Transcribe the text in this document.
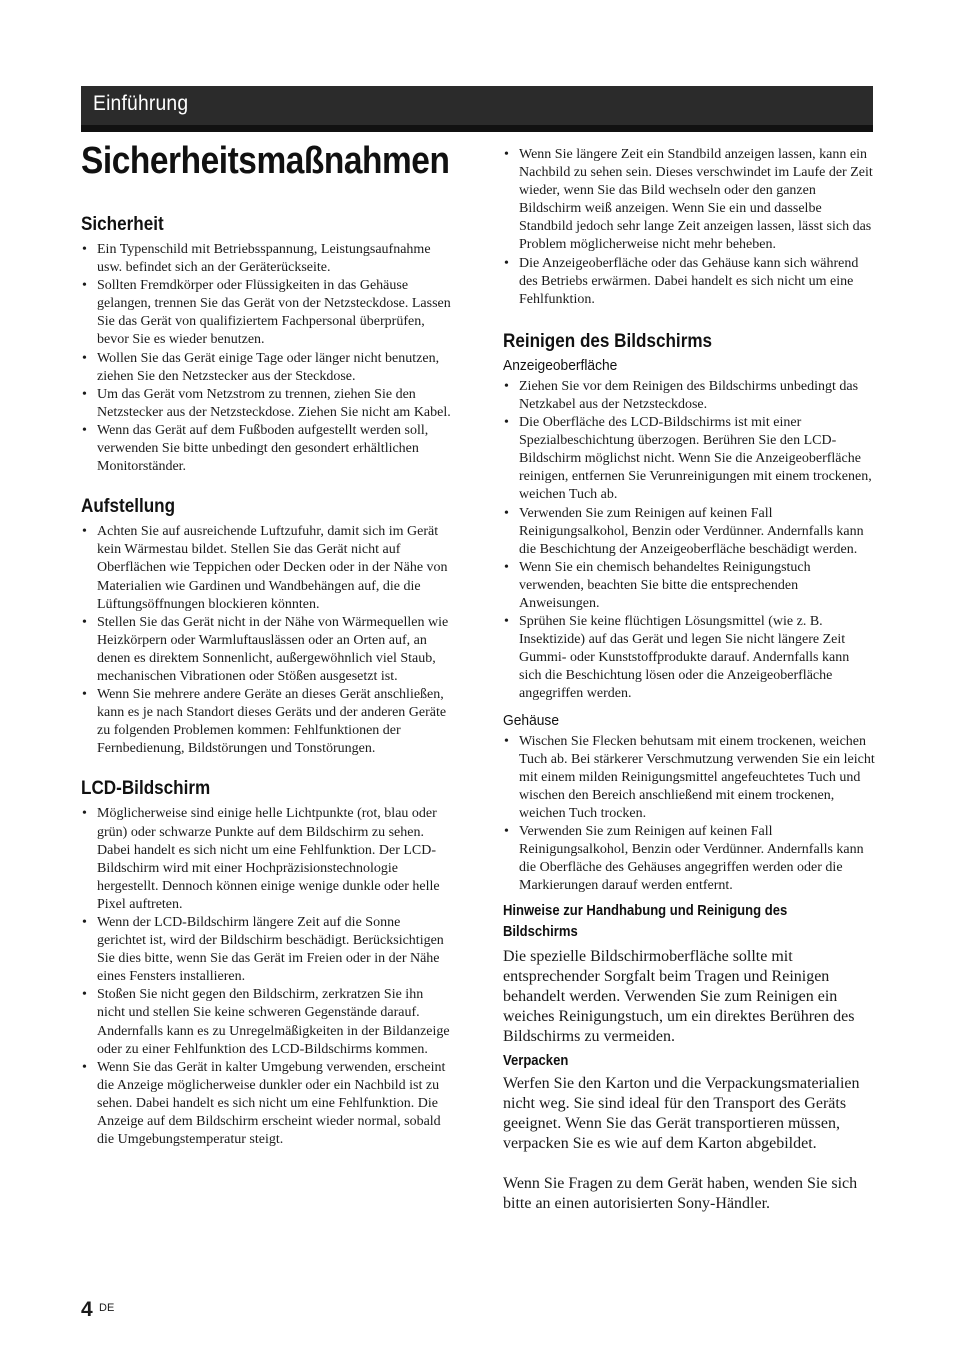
Einführung
Sicherheitsmaßnahmen
Sicherheit
• Ein Typenschild mit Betriebsspannung, Leistungsaufnahme usw. befindet sich an der Geräterückseite.
• Sollten Fremdkörper oder Flüssigkeiten in das Gehäuse gelangen, trennen Sie das Gerät von der Netzsteckdose. Lassen Sie das Gerät von qualifiziertem Fachpersonal überprüfen, bevor Sie es wieder benutzen.
• Wollen Sie das Gerät einige Tage oder länger nicht benutzen, ziehen Sie den Netzstecker aus der Steckdose.
• Um das Gerät vom Netzstrom zu trennen, ziehen Sie den Netzstecker aus der Netzsteckdose. Ziehen Sie nicht am Kabel.
• Wenn das Gerät auf dem Fußboden aufgestellt werden soll, verwenden Sie bitte unbedingt den gesondert erhältlichen Monitorständer.
Aufstellung
• Achten Sie auf ausreichende Luftzufuhr, damit sich im Gerät kein Wärmestau bildet. Stellen Sie das Gerät nicht auf Oberflächen wie Teppichen oder Decken oder in der Nähe von Materialien wie Gardinen und Wandbehängen auf, die die Lüftungsöffnungen blockieren könnten.
• Stellen Sie das Gerät nicht in der Nähe von Wärmequellen wie Heizkörpern oder Warmluftauslässen oder an Orten auf, an denen es direktem Sonnenlicht, außergewöhnlich viel Staub, mechanischen Vibrationen oder Stößen ausgesetzt ist.
• Wenn Sie mehrere andere Geräte an dieses Gerät anschließen, kann es je nach Standort dieses Geräts und der anderen Geräte zu folgenden Problemen kommen: Fehlfunktionen der Fernbedienung, Bildstörungen und Tonstörungen.
LCD-Bildschirm
• Möglicherweise sind einige helle Lichtpunkte (rot, blau oder grün) oder schwarze Punkte auf dem Bildschirm zu sehen. Dabei handelt es sich nicht um eine Fehlfunktion. Der LCD-Bildschirm wird mit einer Hochpräzisionstechnologie hergestellt. Dennoch können einige wenige dunkle oder helle Pixel auftreten.
• Wenn der LCD-Bildschirm längere Zeit auf die Sonne gerichtet ist, wird der Bildschirm beschädigt. Berücksichtigen Sie dies bitte, wenn Sie das Gerät im Freien oder in der Nähe eines Fensters installieren.
• Stoßen Sie nicht gegen den Bildschirm, zerkratzen Sie ihn nicht und stellen Sie keine schweren Gegenstände darauf. Andernfalls kann es zu Unregelmäßigkeiten in der Bildanzeige oder zu einer Fehlfunktion des LCD-Bildschirms kommen.
• Wenn Sie das Gerät in kalter Umgebung verwenden, erscheint die Anzeige möglicherweise dunkler oder ein Nachbild ist zu sehen. Dabei handelt es sich nicht um eine Fehlfunktion. Die Anzeige auf dem Bildschirm erscheint wieder normal, sobald die Umgebungstemperatur steigt.
• Wenn Sie längere Zeit ein Standbild anzeigen lassen, kann ein Nachbild zu sehen sein. Dieses verschwindet im Laufe der Zeit wieder, wenn Sie das Bild wechseln oder den ganzen Bildschirm weiß anzeigen. Wenn Sie ein und dasselbe Standbild jedoch sehr lange Zeit anzeigen lassen, lässt sich das Problem möglicherweise nicht mehr beheben.
• Die Anzeigeoberfläche oder das Gehäuse kann sich während des Betriebs erwärmen. Dabei handelt es sich nicht um eine Fehlfunktion.
Reinigen des Bildschirms
Anzeigeoberfläche
• Ziehen Sie vor dem Reinigen des Bildschirms unbedingt das Netzkabel aus der Netzsteckdose.
• Die Oberfläche des LCD-Bildschirms ist mit einer Spezialbeschichtung überzogen. Berühren Sie den LCD-Bildschirm möglichst nicht. Wenn Sie die Anzeigeoberfläche reinigen, entfernen Sie Verunreinigungen mit einem trockenen, weichen Tuch ab.
• Verwenden Sie zum Reinigen auf keinen Fall Reinigungsalkohol, Benzin oder Verdünner. Andernfalls kann die Beschichtung der Anzeigeoberfläche beschädigt werden.
• Wenn Sie ein chemisch behandeltes Reinigungstuch verwenden, beachten Sie bitte die entsprechenden Anweisungen.
• Sprühen Sie keine flüchtigen Lösungsmittel (wie z. B. Insektizide) auf das Gerät und legen Sie nicht längere Zeit Gummi- oder Kunststoffprodukte darauf. Andernfalls kann sich die Beschichtung lösen oder die Anzeigeoberfläche angegriffen werden.
Gehäuse
• Wischen Sie Flecken behutsam mit einem trockenen, weichen Tuch ab. Bei stärkerer Verschmutzung verwenden Sie ein leicht mit einem milden Reinigungsmittel angefeuchtetes Tuch und wischen den Bereich anschließend mit einem trockenen, weichen Tuch trocken.
• Verwenden Sie zum Reinigen auf keinen Fall Reinigungsalkohol, Benzin oder Verdünner. Andernfalls kann die Oberfläche des Gehäuses angegriffen werden oder die Markierungen darauf werden entfernt.
Hinweise zur Handhabung und Reinigung des Bildschirms

Die spezielle Bildschirmoberfläche sollte mit entsprechender Sorgfalt beim Tragen und Reinigen behandelt werden. Verwenden Sie zum Reinigen ein weiches Reinigungstuch, um ein direktes Berühren des Bildschirms zu vermeiden.

Verpacken

Werfen Sie den Karton und die Verpackungsmaterialien nicht weg. Sie sind ideal für den Transport des Geräts geeignet. Wenn Sie das Gerät transportieren müssen, verpacken Sie es wie auf dem Karton abgebildet.

Wenn Sie Fragen zu dem Gerät haben, wenden Sie sich bitte an einen autorisierten Sony-Händler.

4 DE
